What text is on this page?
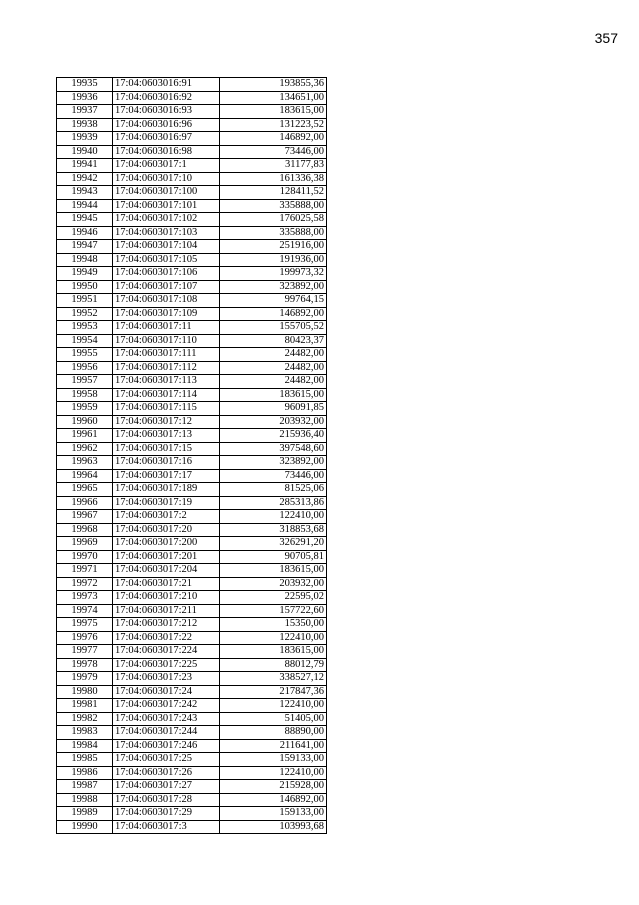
357
19935	17:04:0603016:91	193855,36
19936	17:04:0603016:92	134651,00
19937	17:04:0603016:93	183615,00
19938	17:04:0603016:96	131223,52
19939	17:04:0603016:97	146892,00
19940	17:04:0603016:98	73446,00
19941	17:04:0603017:1	31177,83
19942	17:04:0603017:10	161336,38
19943	17:04:0603017:100	128411,52
19944	17:04:0603017:101	335888,00
19945	17:04:0603017:102	176025,58
19946	17:04:0603017:103	335888,00
19947	17:04:0603017:104	251916,00
19948	17:04:0603017:105	191936,00
19949	17:04:0603017:106	199973,32
19950	17:04:0603017:107	323892,00
19951	17:04:0603017:108	99764,15
19952	17:04:0603017:109	146892,00
19953	17:04:0603017:11	155705,52
19954	17:04:0603017:110	80423,37
19955	17:04:0603017:111	24482,00
19956	17:04:0603017:112	24482,00
19957	17:04:0603017:113	24482,00
19958	17:04:0603017:114	183615,00
19959	17:04:0603017:115	96091,85
19960	17:04:0603017:12	203932,00
19961	17:04:0603017:13	215936,40
19962	17:04:0603017:15	397548,60
19963	17:04:0603017:16	323892,00
19964	17:04:0603017:17	73446,00
19965	17:04:0603017:189	81525,06
19966	17:04:0603017:19	285313,86
19967	17:04:0603017:2	122410,00
19968	17:04:0603017:20	318853,68
19969	17:04:0603017:200	326291,20
19970	17:04:0603017:201	90705,81
19971	17:04:0603017:204	183615,00
19972	17:04:0603017:21	203932,00
19973	17:04:0603017:210	22595,02
19974	17:04:0603017:211	157722,60
19975	17:04:0603017:212	15350,00
19976	17:04:0603017:22	122410,00
19977	17:04:0603017:224	183615,00
19978	17:04:0603017:225	88012,79
19979	17:04:0603017:23	338527,12
19980	17:04:0603017:24	217847,36
19981	17:04:0603017:242	122410,00
19982	17:04:0603017:243	51405,00
19983	17:04:0603017:244	88890,00
19984	17:04:0603017:246	211641,00
19985	17:04:0603017:25	159133,00
19986	17:04:0603017:26	122410,00
19987	17:04:0603017:27	215928,00
19988	17:04:0603017:28	146892,00
19989	17:04:0603017:29	159133,00
19990	17:04:0603017:3	103993,68
